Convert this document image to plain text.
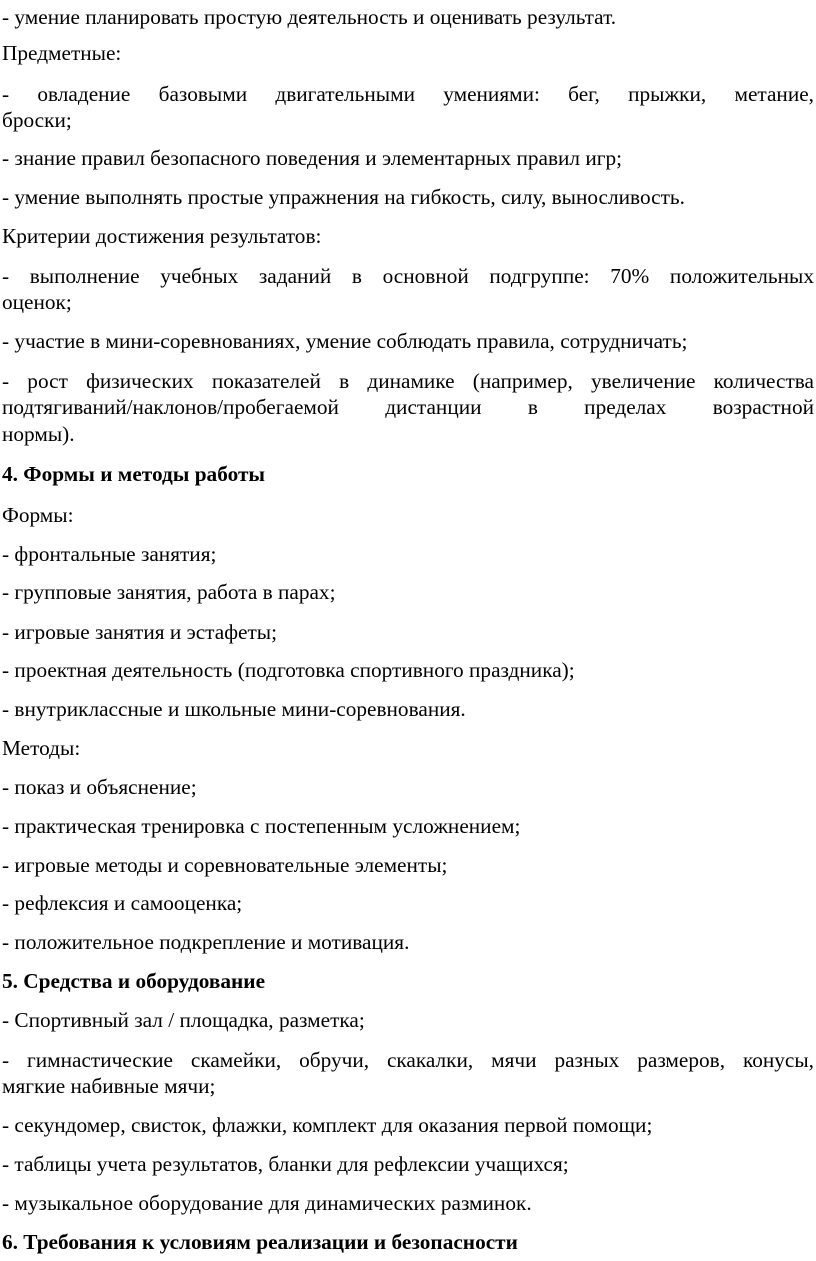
- умение планировать простую деятельность и оценивать результат.
Предметные:
- овладение базовыми двигательными умениями: бег, прыжки, метание,
броски;
- знание правил безопасного поведения и элементарных правил игр;
- умение выполнять простые упражнения на гибкость, силу, выносливость.
Критерии достижения результатов:
- выполнение учебных заданий в основной подгруппе: 70% положительных
оценок;
- участие в мини-соревнованиях, умение соблюдать правила, сотрудничать;
- рост физических показателей в динамике (например, увеличение количества
подтягиваний/наклонов/пробегаемой дистанции в пределах возрастной
нормы).
4. Формы и методы работы
Формы:
- фронтальные занятия;
- групповые занятия, работа в парах;
- игровые занятия и эстафеты;
- проектная деятельность (подготовка спортивного праздника);
- внутриклассные и школьные мини-соревнования.
Методы:
- показ и объяснение;
- практическая тренировка с постепенным усложнением;
- игровые методы и соревновательные элементы;
- рефлексия и самооценка;
- положительное подкрепление и мотивация.
5. Средства и оборудование
- Спортивный зал / площадка, разметка;
- гимнастические скамейки, обручи, скакалки, мячи разных размеров, конусы,
мягкие набивные мячи;
- секундомер, свисток, флажки, комплект для оказания первой помощи;
- таблицы учета результатов, бланки для рефлексии учащихся;
- музыкальное оборудование для динамических разминок.
6. Требования к условиям реализации и безопасности
